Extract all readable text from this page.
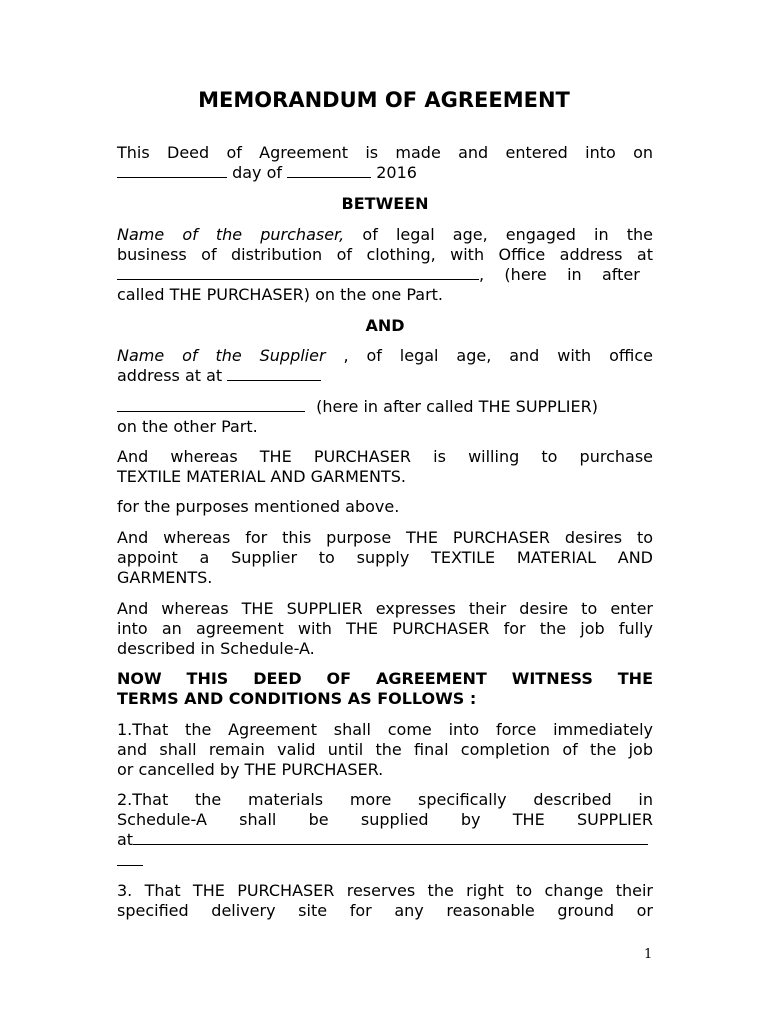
MEMORANDUM OF AGREEMENT
This Deed of Agreement is made and entered into on
day of	2016
BETWEEN
Name of the purchaser, of legal age, engaged in the
business of distribution of clothing, with Office address at
,    (here    in    after
called THE PURCHASER) on the one Part.
AND
Name of the Supplier , of legal age, and with office
address at at
(here in after called THE SUPPLIER)
on the other Part.
And whereas THE PURCHASER is willing to purchase
TEXTILE MATERIAL AND GARMENTS.
for the purposes mentioned above.
And whereas for this purpose THE PURCHASER desires to
appoint a Supplier to supply TEXTILE MATERIAL AND
GARMENTS.
And whereas THE SUPPLIER expresses their desire to enter
into an agreement with THE PURCHASER for the job fully
described in Schedule-A.
NOW THIS DEED OF AGREEMENT WITNESS THE
TERMS AND CONDITIONS AS FOLLOWS :
1.That the Agreement shall come into force immediately
and shall remain valid until the final completion of the job
or cancelled by THE PURCHASER.
2.That the materials more specifically described in
Schedule-A shall be supplied by THE SUPPLIER
at
3. That THE PURCHASER reserves the right to change their
specified delivery site for any reasonable ground or
1
